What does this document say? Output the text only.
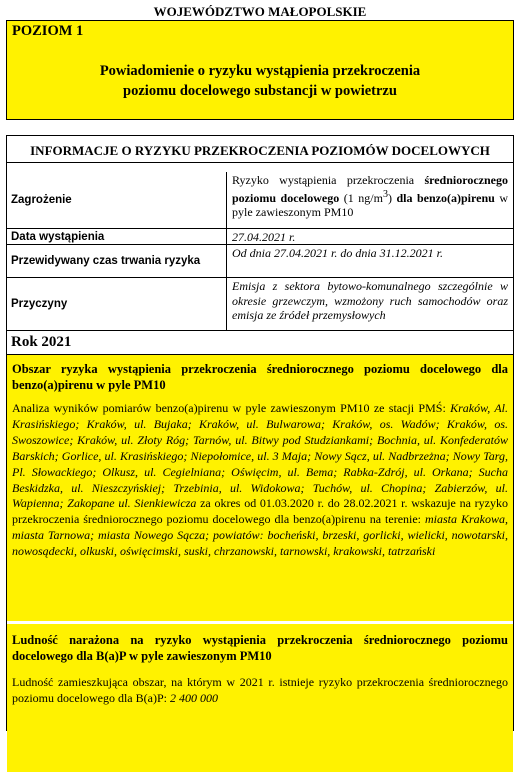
WOJEWÓDZTWO MAŁOPOLSKIE
POZIOM 1
Powiadomienie o ryzyku wystąpienia przekroczenia
poziomu docelowego substancji w powietrzu
INFORMACJE O RYZYKU PRZEKROCZENIA POZIOMÓW DOCELOWYCH
Zagrożenie
Ryzyko wystąpienia przekroczenia średniorocznego poziomu docelowego (1 $ng/m^3$) dla benzo(a)pirenu w pyle zawieszonym PM10
Data wystąpienia	27.04.2021 r.
Przewidywany czas trwania ryzyka
Od dnia 27.04.2021 r. do dnia 31.12.2021 r.
Przyczyny
Emisja z sektora bytowo-komunalnego szczególnie w okresie grzewczym, wzmożony ruch samochodów oraz emisja ze źródeł przemysłowych
Rok 2021
Obszar ryzyka wystąpienia przekroczenia średniorocznego poziomu docelowego dla benzo(a)pirenu w pyle PM10
Analiza wyników pomiarów benzo(a)pirenu w pyle zawieszonym PM10 ze stacji PMŚ: Kraków, Al. Krasińskiego; Kraków, ul. Bujaka; Kraków, ul. Bulwarowa; Kraków, os. Wadów; Kraków, os. Swoszowice; Kraków, ul. Złoty Róg; Tarnów, ul. Bitwy pod Studziankami; Bochnia, ul. Konfederatów Barskich; Gorlice, ul. Krasińskiego; Niepołomice, ul. 3 Maja; Nowy Sącz, ul. Nadbrzeżna; Nowy Targ, Pl. Słowackiego; Olkusz, ul. Cegielniana; Oświęcim, ul. Bema; Rabka-Zdrój, ul. Orkana; Sucha Beskidzka, ul. Nieszczyńskiej; Trzebinia, ul. Widokowa; Tuchów, ul. Chopina; Zabierzów, ul. Wapienna; Zakopane ul. Sienkiewicza za okres od 01.03.2020 r. do 28.02.2021 r. wskazuje na ryzyko przekroczenia średniorocznego poziomu docelowego dla benzo(a)pirenu na terenie: miasta Krakowa, miasta Tarnowa; miasta Nowego Sącza; powiatów: bocheński, brzeski, gorlicki, wielicki, nowotarski, nowosądecki, olkuski, oświęcimski, suski, chrzanowski, tarnowski, krakowski, tatrzański
Ludność narażona na ryzyko wystąpienia przekroczenia średniorocznego poziomu docelowego dla B(a)P w pyle zawieszonym PM10
Ludność zamieszkująca obszar, na którym w 2021 r. istnieje ryzyko przekroczenia średniorocznego poziomu docelowego dla B(a)P: 2 400 000
